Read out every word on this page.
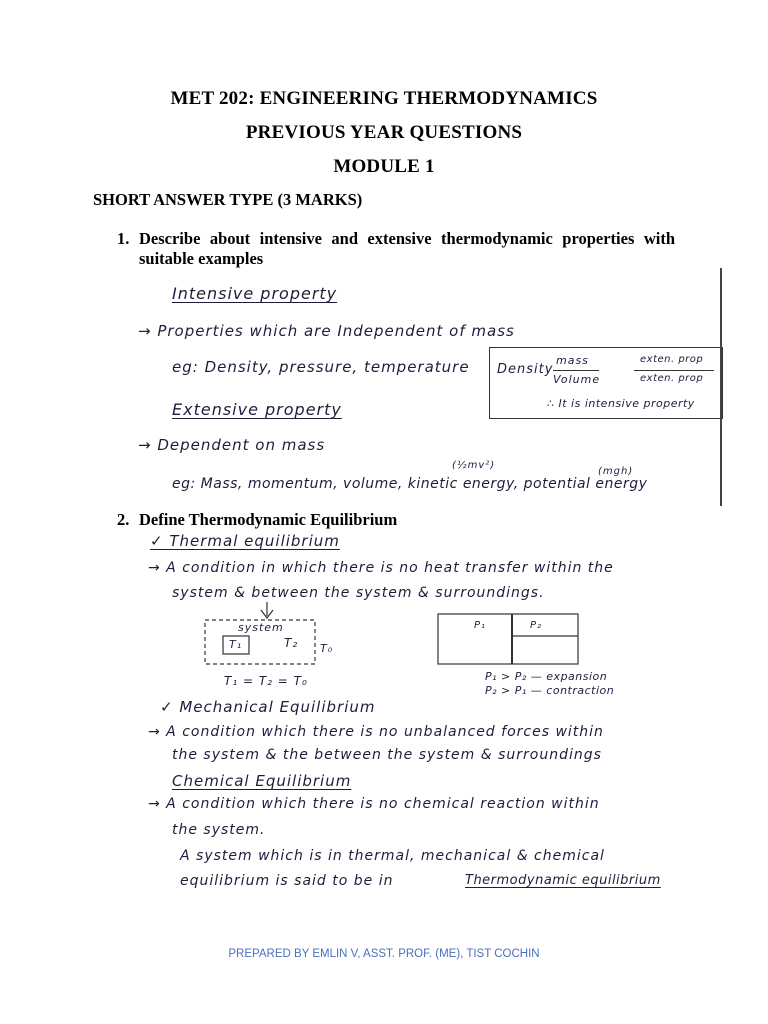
MET 202: ENGINEERING THERMODYNAMICS
PREVIOUS YEAR QUESTIONS
MODULE 1
SHORT ANSWER TYPE (3 MARKS)
1. Describe about intensive and extensive thermodynamic properties with suitable examples
Intensive property
→ Properties which are Independent of mass
eg: Density, pressure, temperature Density
mass
Volume
exten. prop
exten. prop
∴ It is intensive property
Extensive property
→ Dependent on mass
(½mv²)
(mgh)
eg: Mass, momentum, volume, kinetic energy, potential energy
2. Define Thermodynamic Equilibrium
✓ Thermal equilibrium
→ A condition in which there is no heat transfer within the
system & between the system & surroundings.
system
T₁	T₂ T₀
T₁ = T₂ = T₀
P₁	P₂
P₁ > P₂ — expansion
P₂ > P₁ — contraction
✓ Mechanical Equilibrium
→ A condition which there is no unbalanced forces within
the system & the between the system & surroundings
Chemical Equilibrium
→ A condition which there is no chemical reaction within
the system.
A system which is in thermal, mechanical & chemical
equilibrium is said to be in	Thermodynamic equilibrium
PREPARED BY EMLIN V, ASST. PROF. (ME), TIST COCHIN
